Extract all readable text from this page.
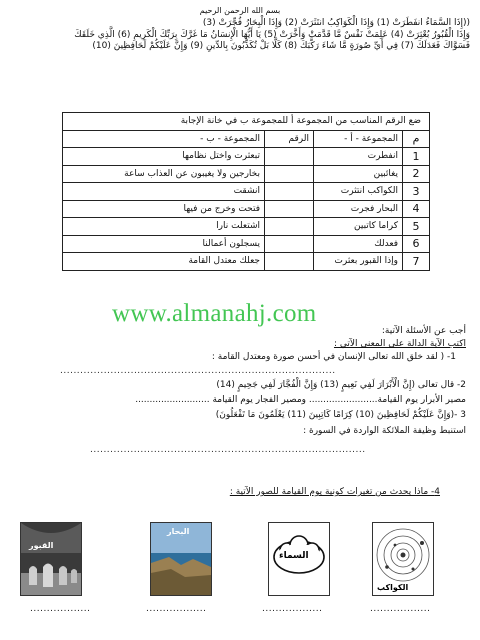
بسم الله الرحمن الرحيم
((إِذَا السَّمَاءُ انفَطَرَتْ (1) وَإِذَا الْكَوَاكِبُ انتَثَرَتْ (2) وَإِذَا الْبِحَارُ فُجِّرَتْ (3)
وَإِذَا الْقُبُورُ بُعْثِرَتْ (4) عَلِمَتْ نَفْسٌ مَّا قَدَّمَتْ وَأَخَّرَتْ (5) يَا أَيُّهَا الْإِنسَانُ مَا غَرَّكَ بِرَبِّكَ الْكَرِيمِ (6) الَّذِي خَلَقَكَ
فَسَوَّاكَ فَعَدَلَكَ (7) فِي أَيِّ صُورَةٍ مَّا شَاءَ رَكَّبَكَ (8) كَلَّا بَلْ تُكَذِّبُونَ بِالدِّينِ (9) وَإِنَّ عَلَيْكُمْ لَحَافِظِينَ (10)
ضع الرقم المناسب من المجموعة أ للمجموعة ب في خانة الإجابة			
م	المجموعة - أ -	الرقم	المجموعة - ب -
1	انفطرت		تبعثرت واختل نظامها
2	يغائبين		بخارجين ولا يغيبون عن العذاب ساعة
3	الكواكب انتثرت		انشقت
4	البحار فجرت		فتحت وخرج من فيها
5	كراما كاتبين		اشتعلت نارا
6	فعدلك		يسجلون أعمالنا
7	وإذا القبور بعثرت		جعلك معتدل القامة
www.almanahj.com
أجب عن الأسئلة الآتية:
اكتب الآية الدالة على المعنى الآتي :
1- ( لقد خلق الله تعالى الإنسان في أحسن صورة ومعتدل القامة :
..................................................................................
2- قال تعالى (إِنَّ الْأَبْرَارَ لَفِي نَعِيمٍ (13) وَإِنَّ الْفُجَّارَ لَفِي جَحِيمٍ (14)
مصير الأبرار يوم القيامة........................ ومصير الفجار يوم القيامة ..........................
3 -(وَإِنَّ عَلَيْكُمْ لَحَافِظِينَ (10) كِرَامًا كَاتِبِينَ (11) يَعْلَمُونَ مَا تَفْعَلُونَ)
استنبط وظيفة الملائكة الواردة في السورة :
..................................................................................
4- ماذا يحدث من تغيرات كونية يوم القيامة للصور الآتية :
الكواكب
السماء
البحار
القبور
..................
..................
..................
..................
